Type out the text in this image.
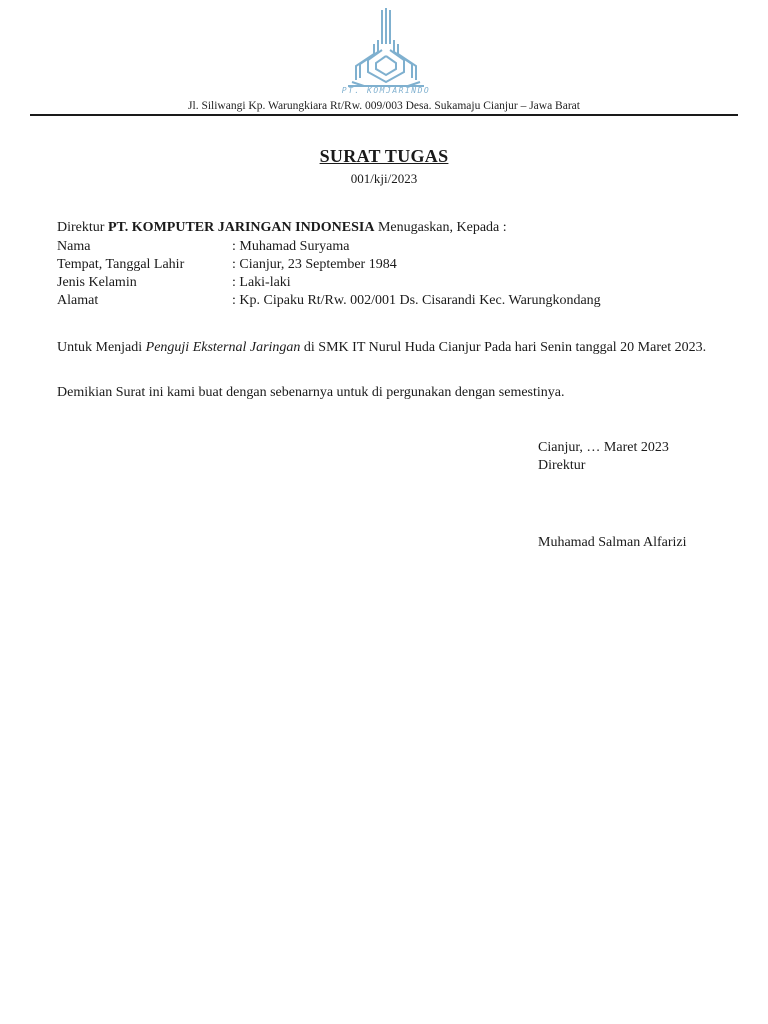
PT. KOMJARINDO
Jl. Siliwangi Kp. Warungkiara Rt/Rw. 009/003 Desa. Sukamaju Cianjur – Jawa Barat
SURAT TUGAS
001/kji/2023
Direktur PT. KOMPUTER JARINGAN INDONESIA Menugaskan, Kepada :
Nama	: Muhamad Suryama
Tempat, Tanggal Lahir	: Cianjur, 23 September 1984
Jenis Kelamin	: Laki-laki
Alamat	: Kp. Cipaku Rt/Rw. 002/001 Ds. Cisarandi Kec. Warungkondang
Untuk Menjadi Penguji Eksternal Jaringan di SMK IT Nurul Huda Cianjur Pada hari Senin tanggal 20 Maret 2023.
Demikian Surat ini kami buat dengan sebenarnya untuk di pergunakan dengan semestinya.
Cianjur, … Maret 2023
Direktur
Muhamad Salman Alfarizi
